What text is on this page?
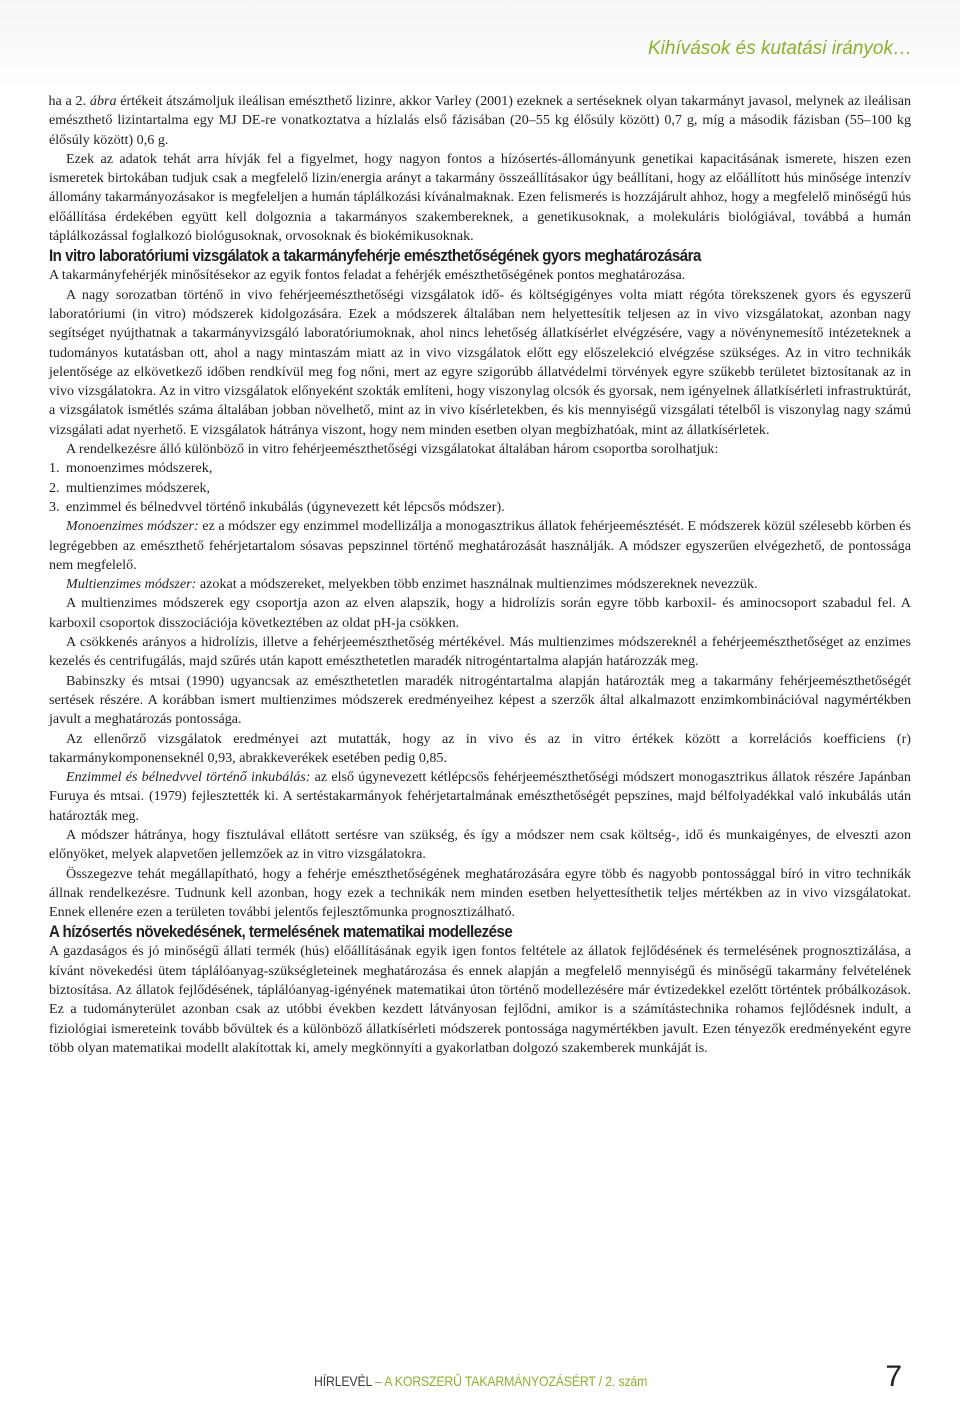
Kihívások és kutatási irányok…

ha a 2. ábra értékeit átszámoljuk ileálisan emészthető lizinre, akkor Varley (2001) ezeknek a sertéseknek olyan takarmányt javasol, melynek az ileálisan emészthető lizintartalma egy MJ DE-re vonatkoztatva a hízlalás első fázisában (20–55 kg élősúly között) 0,7 g, míg a második fázisban (55–100 kg élősúly között) 0,6 g.

Ezek az adatok tehát arra hívják fel a figyelmet, hogy nagyon fontos a hízósertés-állományunk genetikai kapacitásának ismerete, hiszen ezen ismeretek birtokában tudjuk csak a megfelelő lizin/energia arányt a takarmány összeállításakor úgy beállítani, hogy az előállított hús minősége intenzív állomány takarmányozásakor is megfeleljen a humán táplálkozási kívánalmaknak. Ezen felismerés is hozzájárult ahhoz, hogy a megfelelő minőségű hús előállítása érdekében együtt kell dolgoznia a takarmányos szakembereknek, a genetikusoknak, a molekuláris biológiával, továbbá a humán táplálkozással foglalkozó biológusoknak, orvosoknak és biokémikusoknak.

In vitro laboratóriumi vizsgálatok a takarmányfehérje emészthetőségének gyors meghatározására

A takarmányfehérjék minősítésekor az egyik fontos feladat a fehérjék emészthetőségének pontos meghatározása.

A nagy sorozatban történő in vivo fehérjeemészthetőségi vizsgálatok idő- és költségigényes volta miatt régóta törekszenek gyors és egyszerű laboratóriumi (in vitro) módszerek kidolgozására. Ezek a módszerek általában nem helyettesítik teljesen az in vivo vizsgálatokat, azonban nagy segítséget nyújthatnak a takarmányvizsgáló laboratóriumoknak, ahol nincs lehetőség állatkísérlet elvégzésére, vagy a növénynemesítő intézeteknek a tudományos kutatásban ott, ahol a nagy mintaszám miatt az in vivo vizsgálatok előtt egy előszelekció elvégzése szükséges. Az in vitro technikák jelentősége az elkövetkező időben rendkívül meg fog nőni, mert az egyre szigorúbb állatvédelmi törvények egyre szűkebb területet biztosítanak az in vivo vizsgálatokra. Az in vitro vizsgálatok előnyeként szokták említeni, hogy viszonylag olcsók és gyorsak, nem igényelnek állatkísérleti infrastruktúrát, a vizsgálatok ismétlés száma általában jobban növelhető, mint az in vivo kísérletekben, és kis mennyiségű vizsgálati tételből is viszonylag nagy számú vizsgálati adat nyerhető. E vizsgálatok hátránya viszont, hogy nem minden esetben olyan megbízhatóak, mint az állatkísérletek.

A rendelkezésre álló különböző in vitro fehérjeemészthetőségi vizsgálatokat általában három csoportba sorolhatjuk:

1. monoenzimes módszerek,
2. multienzimes módszerek,
3. enzimmel és bélnedvvel történő inkubálás (úgynevezett két lépcsős módszer).

Monoenzimes módszer: ez a módszer egy enzimmel modellizálja a monogasztrikus állatok fehérjeemésztését. E módszerek közül szélesebb körben és legrégebben az emészthető fehérjetartalom sósavas pepszinnel történő meghatározását használják. A módszer egyszerűen elvégezhető, de pontossága nem megfelelő.

Multienzimes módszer: azokat a módszereket, melyekben több enzimet használnak multienzimes módszereknek nevezzük.

A multienzimes módszerek egy csoportja azon az elven alapszik, hogy a hidrolízis során egyre több karboxil- és aminocsoport szabadul fel. A karboxil csoportok disszociációja következtében az oldat pH-ja csökken.

A csökkenés arányos a hidrolízis, illetve a fehérjeemészthetőség mértékével. Más multienzimes módszereknél a fehérjeemészthetőséget az enzimes kezelés és centrifugálás, majd szűrés után kapott emészthetetlen maradék nitrogéntartalma alapján határozzák meg.

Babinszky és mtsai (1990) ugyancsak az emészthetetlen maradék nitrogéntartalma alapján határozták meg a takarmány fehérjeemészthetőségét sertések részére. A korábban ismert multienzimes módszerek eredményeihez képest a szerzők által alkalmazott enzimkombinációval nagymértékben javult a meghatározás pontossága.

Az ellenőrző vizsgálatok eredményei azt mutatták, hogy az in vivo és az in vitro értékek között a korrelációs koefficiens (r) takarmánykomponenseknél 0,93, abrakkeverékek esetében pedig 0,85.

Enzimmel és bélnedvvel történő inkubálás: az első úgynevezett kétlépcsős fehérjeemészthetőségi módszert monogasztrikus állatok részére Japánban Furuya és mtsai. (1979) fejlesztették ki. A sertéstakarmányok fehérjetartalmának emészthetőségét pepszines, majd bélfolyadékkal való inkubálás után határozták meg.

A módszer hátránya, hogy fisztulával ellátott sertésre van szükség, és így a módszer nem csak költség-, idő és munkaigényes, de elveszti azon előnyöket, melyek alapvetően jellemzőek az in vitro vizsgálatokra.

Összegezve tehát megállapítható, hogy a fehérje emészthetőségének meghatározására egyre több és nagyobb pontossággal bíró in vitro technikák állnak rendelkezésre. Tudnunk kell azonban, hogy ezek a technikák nem minden esetben helyettesíthetik teljes mértékben az in vivo vizsgálatokat. Ennek ellenére ezen a területen további jelentős fejlesztőmunka prognosztizálható.

A hízósertés növekedésének, termelésének matematikai modellezése

A gazdaságos és jó minőségű állati termék (hús) előállításának egyik igen fontos feltétele az állatok fejlődésének és termelésének prognosztizálása, a kívánt növekedési ütem táplálóanyag-szükségleteinek meghatározása és ennek alapján a megfelelő mennyiségű és minőségű takarmány felvételének biztosítása. Az állatok fejlődésének, táplálóanyag-igényének matematikai úton történő modellezésére már évtizedekkel ezelőtt történtek próbálkozások. Ez a tudományterület azonban csak az utóbbi években kezdett látványosan fejlődni, amikor is a számítástechnika rohamos fejlődésnek indult, a fiziológiai ismereteink tovább bővültek és a különböző állatkísérleti módszerek pontossága nagymértékben javult. Ezen tényezők eredményeként egyre több olyan matematikai modellt alakítottak ki, amely megkönnyíti a gyakorlatban dolgozó szakemberek munkáját is.

HÍRLEVÉL – A KORSZERŰ TAKARMÁNYOZÁSÉRT / 2. szám	7
